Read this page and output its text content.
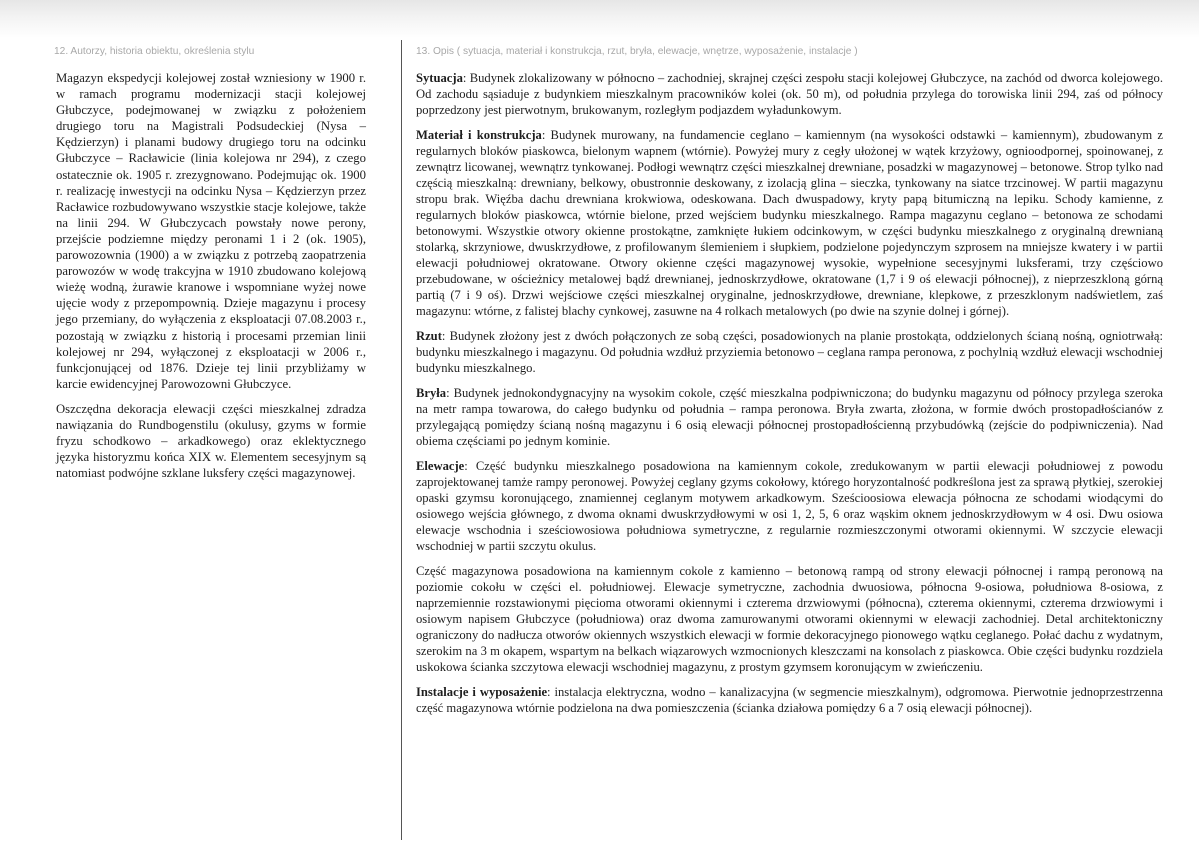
12. Autorzy, historia obiektu, określenia stylu

Magazyn ekspedycji kolejowej został wzniesiony w 1900 r. w ramach programu modernizacji stacji kolejowej Głubczyce, podejmowanej w związku z położeniem drugiego toru na Magistrali Podsudeckiej (Nysa – Kędzierzyn) i planami budowy drugiego toru na odcinku Głubczyce – Racławicie (linia kolejowa nr 294), z czego ostatecznie ok. 1905 r. zrezygnowano. Podejmując ok. 1900 r. realizację inwestycji na odcinku Nysa – Kędzierzyn przez Racławice rozbudowywano wszystkie stacje kolejowe, także na linii 294. W Głubczycach powstały nowe perony, przejście podziemne między peronami 1 i 2 (ok. 1905), parowozownia (1900) a w związku z potrzebą zaopatrzenia parowozów w wodę trakcyjna w 1910 zbudowano kolejową wieżę wodną, żurawie kranowe i wspomniane wyżej nowe ujęcie wody z przepompownią. Dzieje magazynu i procesy jego przemiany, do wyłączenia z eksploatacji 07.08.2003 r., pozostają w związku z historią i procesami przemian linii kolejowej nr 294, wyłączonej z eksploatacji w 2006 r., funkcjonującej od 1876. Dzieje tej linii przybliżamy w karcie ewidencyjnej Parowozowni Głubczyce.

Oszczędna dekoracja elewacji części mieszkalnej zdradza nawiązania do Rundbogenstilu (okulusy, gzyms w formie fryzu schodkowo – arkadkowego) oraz eklektycznego języka historyzmu końca XIX w. Elementem secesyjnym są natomiast podwójne szklane luksfery części magazynowej.

13. Opis ( sytuacja, materiał i konstrukcja, rzut, bryła, elewacje, wnętrze, wyposażenie, instalacje )

Sytuacja: Budynek zlokalizowany w północno – zachodniej, skrajnej części zespołu stacji kolejowej Głubczyce, na zachód od dworca kolejowego. Od zachodu sąsiaduje z budynkiem mieszkalnym pracowników kolei (ok. 50 m), od południa przylega do torowiska linii 294, zaś od północy poprzedzony jest pierwotnym, brukowanym, rozległym podjazdem wyładunkowym.

Materiał i konstrukcja: Budynek murowany, na fundamencie ceglano – kamiennym (na wysokości odstawki – kamiennym), zbudowanym z regularnych bloków piaskowca, bielonym wapnem (wtórnie). Powyżej mury z cegły ułożonej w wątek krzyżowy, ognioodpornej, spoinowanej, z zewnątrz licowanej, wewnątrz tynkowanej. Podłogi wewnątrz części mieszkalnej drewniane, posadzki w magazynowej – betonowe. Strop tylko nad częścią mieszkalną: drewniany, belkowy, obustronnie deskowany, z izolacją glina – sieczka, tynkowany na siatce trzcinowej. W partii magazynu stropu brak. Więźba dachu drewniana krokwiowa, odeskowana. Dach dwuspadowy, kryty papą bitumiczną na lepiku. Schody kamienne, z regularnych bloków piaskowca, wtórnie bielone, przed wejściem budynku mieszkalnego. Rampa magazynu ceglano – betonowa ze schodami betonowymi. Wszystkie otwory okienne prostokątne, zamknięte łukiem odcinkowym, w części budynku mieszkalnego z oryginalną drewnianą stolarką, skrzyniowe, dwuskrzydłowe, z profilowanym ślemieniem i słupkiem, podzielone pojedynczym szprosem na mniejsze kwatery i w partii elewacji południowej okratowane. Otwory okienne części magazynowej wysokie, wypełnione secesyjnymi luksferami, trzy częściowo przebudowane, w ościeżnicy metalowej bądź drewnianej, jednoskrzydłowe, okratowane (1,7 i 9 oś elewacji północnej), z nieprzeszkloną górną partią (7 i 9 oś). Drzwi wejściowe części mieszkalnej oryginalne, jednoskrzydłowe, drewniane, klepkowe, z przeszklonym nadświetlem, zaś magazynu: wtórne, z falistej blachy cynkowej, zasuwne na 4 rolkach metalowych (po dwie na szynie dolnej i górnej).

Rzut: Budynek złożony jest z dwóch połączonych ze sobą części, posadowionych na planie prostokąta, oddzielonych ścianą nośną, ogniotrwałą: budynku mieszkalnego i magazynu. Od południa wzdłuż przyziemia betonowo – ceglana rampa peronowa, z pochylnią wzdłuż elewacji wschodniej budynku mieszkalnego.

Bryła: Budynek jednokondygnacyjny na wysokim cokole, część mieszkalna podpiwniczona; do budynku magazynu od północy przylega szeroka na metr rampa towarowa, do całego budynku od południa – rampa peronowa. Bryła zwarta, złożona, w formie dwóch prostopadłościanów z przylegającą pomiędzy ścianą nośną magazynu i 6 osią elewacji północnej prostopadłościenną przybudówką (zejście do podpiwniczenia). Nad obiema częściami po jednym kominie.

Elewacje: Część budynku mieszkalnego posadowiona na kamiennym cokole, zredukowanym w partii elewacji południowej z powodu zaprojektowanej tamże rampy peronowej. Powyżej ceglany gzyms cokołowy, którego horyzontalność podkreślona jest za sprawą płytkiej, szerokiej opaski gzymsu koronującego, znamiennej ceglanym motywem arkadkowym. Sześcioosiowa elewacja północna ze schodami wiodącymi do osiowego wejścia głównego, z dwoma oknami dwuskrzydłowymi w osi 1, 2, 5, 6 oraz wąskim oknem jednoskrzydłowym w 4 osi. Dwu osiowa elewacje wschodnia i sześciowosiowa południowa symetryczne, z regularnie rozmieszczonymi otworami okiennymi. W szczycie elewacji wschodniej w partii szczytu okulus.

Część magazynowa posadowiona na kamiennym cokole z kamienno – betonową rampą od strony elewacji północnej i rampą peronową na poziomie cokołu w części el. południowej. Elewacje symetryczne, zachodnia dwuosiowa, północna 9-osiowa, południowa 8-osiowa, z naprzemiennie rozstawionymi pięcioma otworami okiennymi i czterema drzwiowymi (północna), czterema okiennymi, czterema drzwiowymi i osiowym napisem Głubczyce (południowa) oraz dwoma zamurowanymi otworami okiennymi w elewacji zachodniej. Detal architektoniczny ograniczony do nadłucza otworów okiennych wszystkich elewacji w formie dekoracyjnego pionowego wątku ceglanego. Połać dachu z wydatnym, szerokim na 3 m okapem, wspartym na belkach wiązarowych wzmocnionych kleszczami na konsolach z piaskowca. Obie części budynku rozdziela uskokowa ścianka szczytowa elewacji wschodniej magazynu, z prostym gzymsem koronującym w zwieńczeniu.

Instalacje i wyposażenie: instalacja elektryczna, wodno – kanalizacyjna (w segmencie mieszkalnym), odgromowa. Pierwotnie jednoprzestrzenna część magazynowa wtórnie podzielona na dwa pomieszczenia (ścianka działowa pomiędzy 6 a 7 osią elewacji północnej).
